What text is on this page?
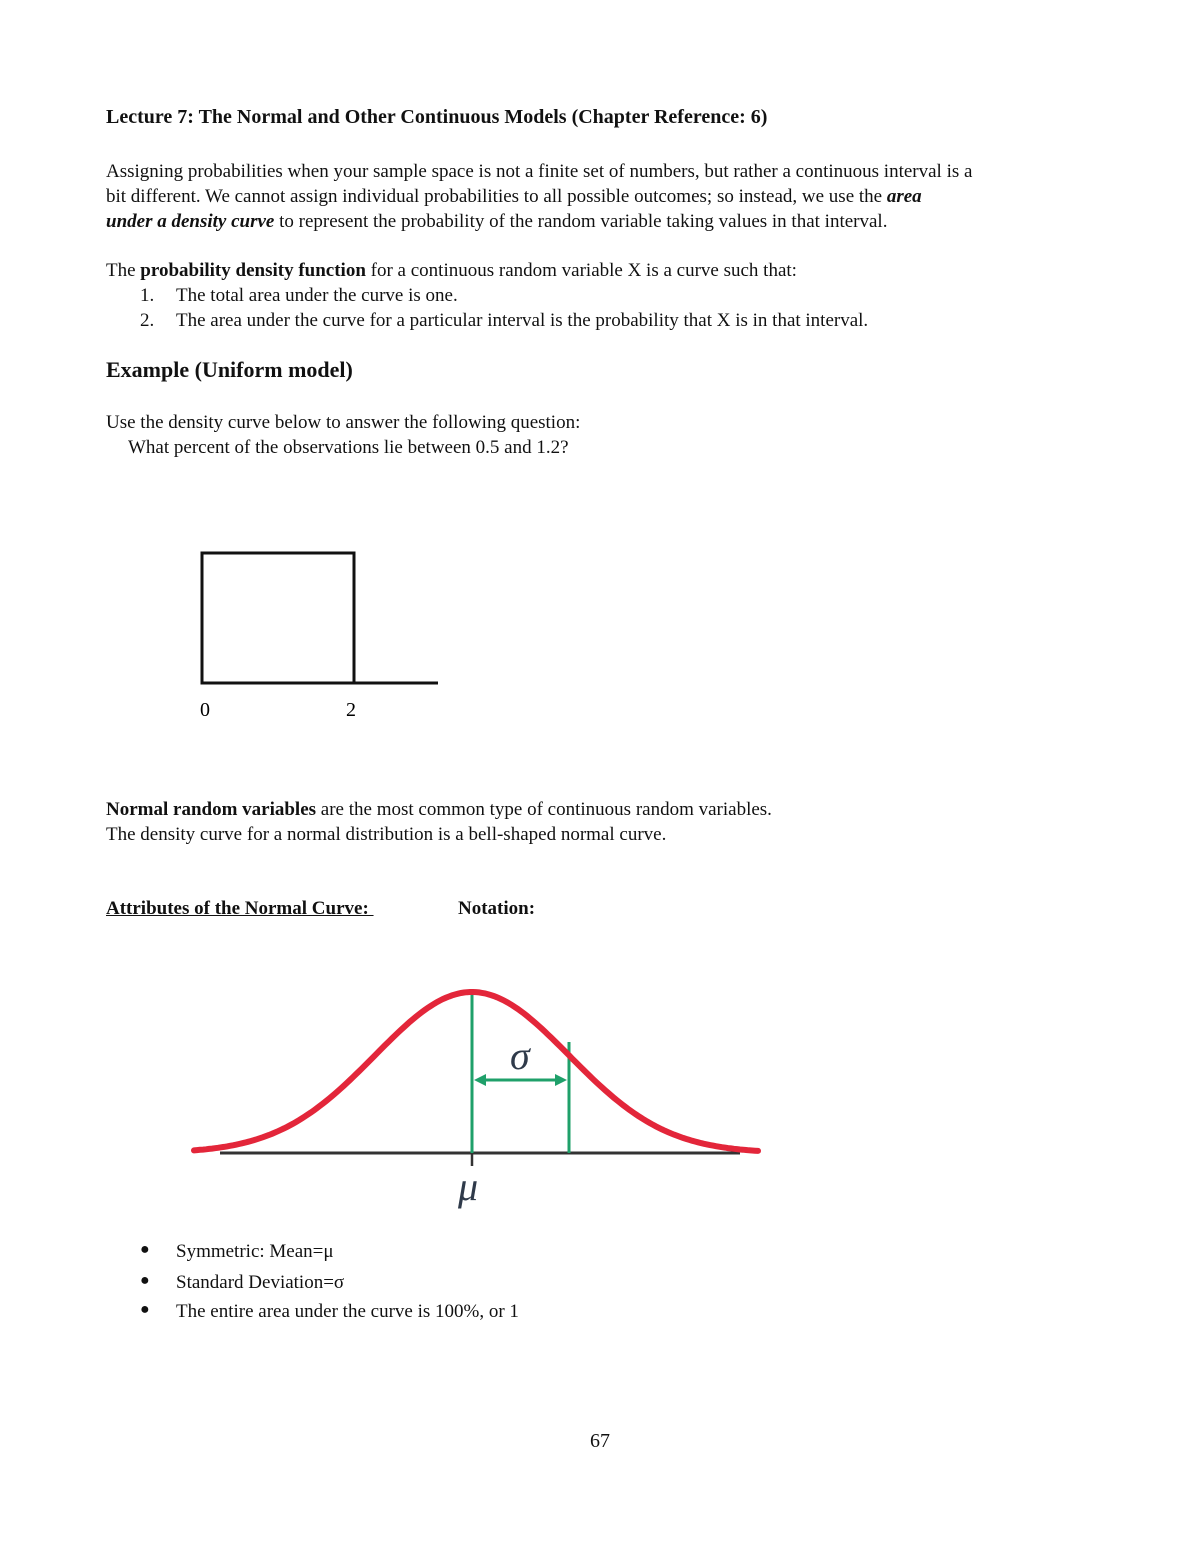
Lecture 7: The Normal and Other Continuous Models (Chapter Reference: 6)
Assigning probabilities when your sample space is not a finite set of numbers, but rather a continuous interval is a
bit different. We cannot assign individual probabilities to all possible outcomes; so instead, we use the area
under a density curve to represent the probability of the random variable taking values in that interval.
The probability density function for a continuous random variable X is a curve such that:
1. The total area under the curve is one.
2. The area under the curve for a particular interval is the probability that X is in that interval.
Example (Uniform model)
Use the density curve below to answer the following question:
What percent of the observations lie between 0.5 and 1.2?
0	2
Normal random variables are the most common type of continuous random variables.
The density curve for a normal distribution is a bell-shaped normal curve.
Attributes of the Normal Curve:	Notation:
σ
μ
● Symmetric: Mean=μ
● Standard Deviation=σ
● The entire area under the curve is 100%, or 1
67
